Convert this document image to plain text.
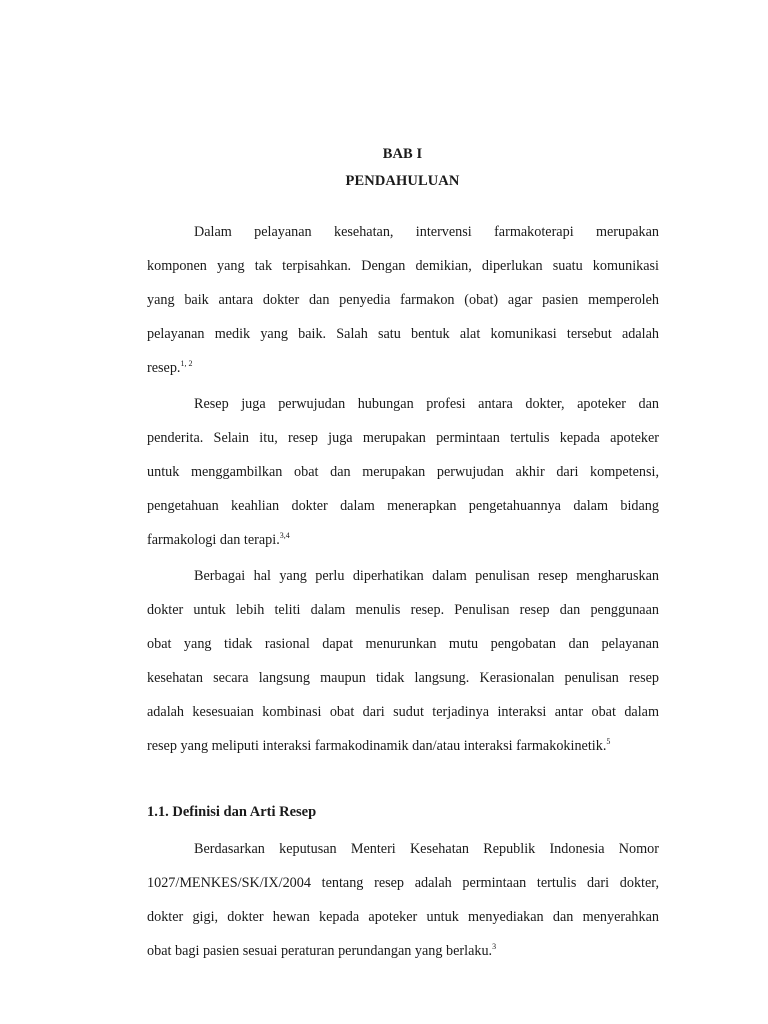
BAB I
PENDAHULUAN
Dalam pelayanan kesehatan, intervensi farmakoterapi merupakan
komponen yang tak terpisahkan. Dengan demikian, diperlukan suatu komunikasi
yang baik antara dokter dan penyedia farmakon (obat) agar pasien memperoleh
pelayanan medik yang baik. Salah satu bentuk alat komunikasi tersebut adalah
resep.$^{1, 2}$
Resep juga perwujudan hubungan profesi antara dokter, apoteker dan
penderita. Selain itu, resep juga merupakan permintaan tertulis kepada apoteker
untuk menggambilkan obat dan merupakan perwujudan akhir dari kompetensi,
pengetahuan keahlian dokter dalam menerapkan pengetahuannya dalam bidang
farmakologi dan terapi.$^{3,4}$
Berbagai hal yang perlu diperhatikan dalam penulisan resep mengharuskan
dokter untuk lebih teliti dalam menulis resep. Penulisan resep dan penggunaan
obat yang tidak rasional dapat menurunkan mutu pengobatan dan pelayanan
kesehatan secara langsung maupun tidak langsung. Kerasionalan penulisan resep
adalah kesesuaian kombinasi obat dari sudut terjadinya interaksi antar obat dalam
resep yang meliputi interaksi farmakodinamik dan/atau interaksi farmakokinetik.$^5$
1.1. Definisi dan Arti Resep
Berdasarkan keputusan Menteri Kesehatan Republik Indonesia Nomor
1027/MENKES/SK/IX/2004 tentang resep adalah permintaan tertulis dari dokter,
dokter gigi, dokter hewan kepada apoteker untuk menyediakan dan menyerahkan
obat bagi pasien sesuai peraturan perundangan yang berlaku.$^3$
